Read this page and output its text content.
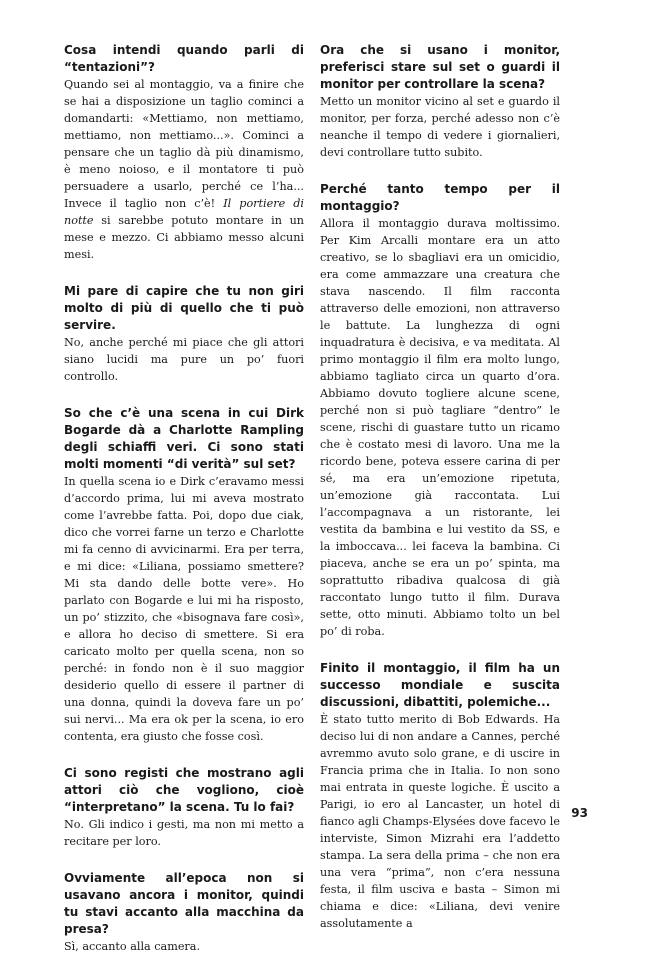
Cosa intendi quando parli di “tentazioni”?

Quando sei al montaggio, va a finire che se hai a disposizione un taglio cominci a domandarti: «Mettiamo, non mettiamo, mettiamo, non mettiamo...». Cominci a pensare che un taglio dà più dinamismo, è meno noioso, e il montatore ti può persuadere a usarlo, perché ce l’ha... Invece il taglio non c’è! Il portiere di notte si sarebbe potuto montare in un mese e mezzo. Ci abbiamo messo alcuni mesi.

Mi pare di capire che tu non giri molto di più di quello che ti può servire.

No, anche perché mi piace che gli attori siano lucidi ma pure un po’ fuori controllo.

So che c’è una scena in cui Dirk Bogarde dà a Charlotte Rampling degli schiaffi veri. Ci sono stati molti momenti “di verità” sul set?

In quella scena io e Dirk c’eravamo messi d’accordo prima, lui mi aveva mostrato come l’avrebbe fatta. Poi, dopo due ciak, dico che vorrei farne un terzo e Charlotte mi fa cenno di avvicinarmi. Era per terra, e mi dice: «Liliana, possiamo smettere? Mi sta dando delle botte vere». Ho parlato con Bogarde e lui mi ha risposto, un po’ stizzito, che «bisognava fare così», e allora ho deciso di smettere. Si era caricato molto per quella scena, non so perché: in fondo non è il suo maggior desiderio quello di essere il partner di una donna, quindi la doveva fare un po’ sui nervi... Ma era ok per la scena, io ero contenta, era giusto che fosse così.

Ci sono registi che mostrano agli attori ciò che vogliono, cioè “interpretano” la scena. Tu lo fai?

No. Gli indico i gesti, ma non mi metto a recitare per loro.

Ovviamente all’epoca non si usavano ancora i monitor, quindi tu stavi accanto alla macchina da presa?

Sì, accanto alla camera.

Ora che si usano i monitor, preferisci stare sul set o guardi il monitor per controllare la scena?

Metto un monitor vicino al set e guardo il monitor, per forza, perché adesso non c’è neanche il tempo di vedere i giornalieri, devi controllare tutto subito.

Perché tanto tempo per il montaggio?

Allora il montaggio durava moltissimo. Per Kim Arcalli montare era un atto creativo, se lo sbagliavi era un omicidio, era come ammazzare una creatura che stava nascendo. Il film racconta attraverso delle emozioni, non attraverso le battute. La lunghezza di ogni inquadratura è decisiva, e va meditata. Al primo montaggio il film era molto lungo, abbiamo tagliato circa un quarto d’ora. Abbiamo dovuto togliere alcune scene, perché non si può tagliare “dentro” le scene, rischi di guastare tutto un ricamo che è costato mesi di lavoro. Una me la ricordo bene, poteva essere carina di per sé, ma era un’emozione ripetuta, un’emozione già raccontata. Lui l’accompagnava a un ristorante, lei vestita da bambina e lui vestito da SS, e la imboccava... lei faceva la bambina. Ci piaceva, anche se era un po’ spinta, ma soprattutto ribadiva qualcosa di già raccontato lungo tutto il film. Durava sette, otto minuti. Abbiamo tolto un bel po’ di roba.

Finito il montaggio, il film ha un successo mondiale e suscita discussioni, dibattiti, polemiche...

È stato tutto merito di Bob Edwards. Ha deciso lui di non andare a Cannes, perché avremmo avuto solo grane, e di uscire in Francia prima che in Italia. Io non sono mai entrata in queste logiche. È uscito a Parigi, io ero al Lancaster, un hotel di fianco agli Champs-Elysées dove facevo le interviste, Simon Mizrahi era l’addetto stampa. La sera della prima – che non era una vera “prima”, non c’era nessuna festa, il film usciva e basta – Simon mi chiama e dice: «Liliana, devi venire assolutamente a

93
